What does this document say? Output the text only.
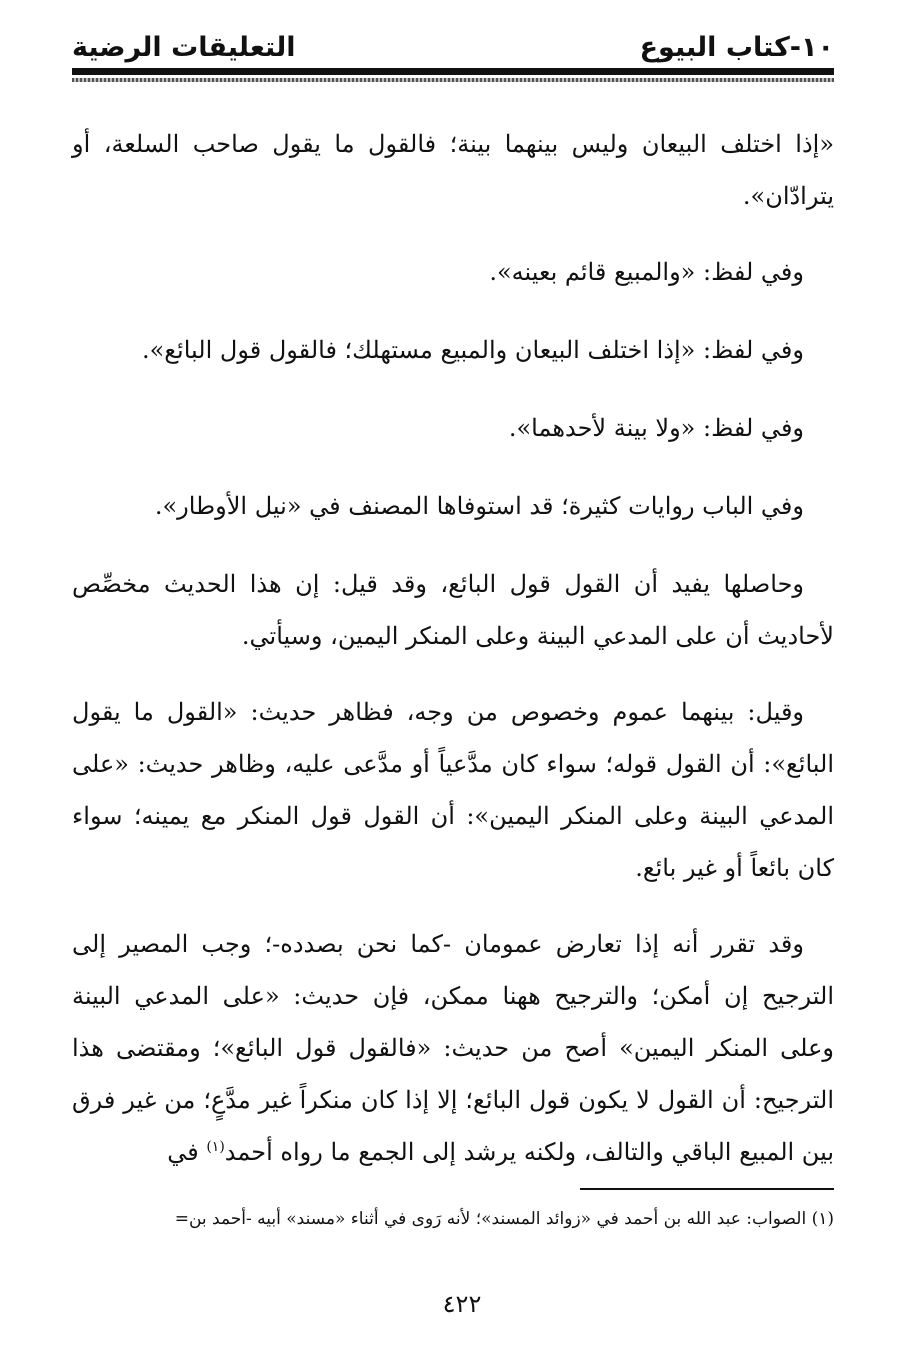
١٠-كتاب البيوع
التعليقات الرضية

«إذا اختلف البيعان وليس بينهما بينة؛ فالقول ما يقول صاحب السلعة، أو يترادّان».

وفي لفظ: «والمبيع قائم بعينه».

وفي لفظ: «إذا اختلف البيعان والمبيع مستهلك؛ فالقول قول البائع».

وفي لفظ: «ولا بينة لأحدهما».

وفي الباب روايات كثيرة؛ قد استوفاها المصنف في «نيل الأوطار».

وحاصلها يفيد أن القول قول البائع، وقد قيل: إن هذا الحديث مخصِّص لأحاديث أن على المدعي البينة وعلى المنكر اليمين، وسيأتي.

وقيل: بينهما عموم وخصوص من وجه، فظاهر حديث: «القول ما يقول البائع»: أن القول قوله؛ سواء كان مدَّعياً أو مدَّعى عليه، وظاهر حديث: «على المدعي البينة وعلى المنكر اليمين»: أن القول قول المنكر مع يمينه؛ سواء كان بائعاً أو غير بائع.

وقد تقرر أنه إذا تعارض عمومان -كما نحن بصدده-؛ وجب المصير إلى الترجيح إن أمكن؛ والترجيح ههنا ممكن، فإن حديث: «على المدعي البينة وعلى المنكر اليمين» أصح من حديث: «فالقول قول البائع»؛ ومقتضى هذا الترجيح: أن القول لا يكون قول البائع؛ إلا إذا كان منكراً غير مدَّعٍ؛ من غير فرق بين المبيع الباقي والتالف، ولكنه يرشد إلى الجمع ما رواه أحمد$^{(١)}$ في

(١) الصواب: عبد الله بن أحمد في «زوائد المسند»؛ لأنه رَوى في أثناء «مسند» أبيه -أحمد بن=
٤٢٢
